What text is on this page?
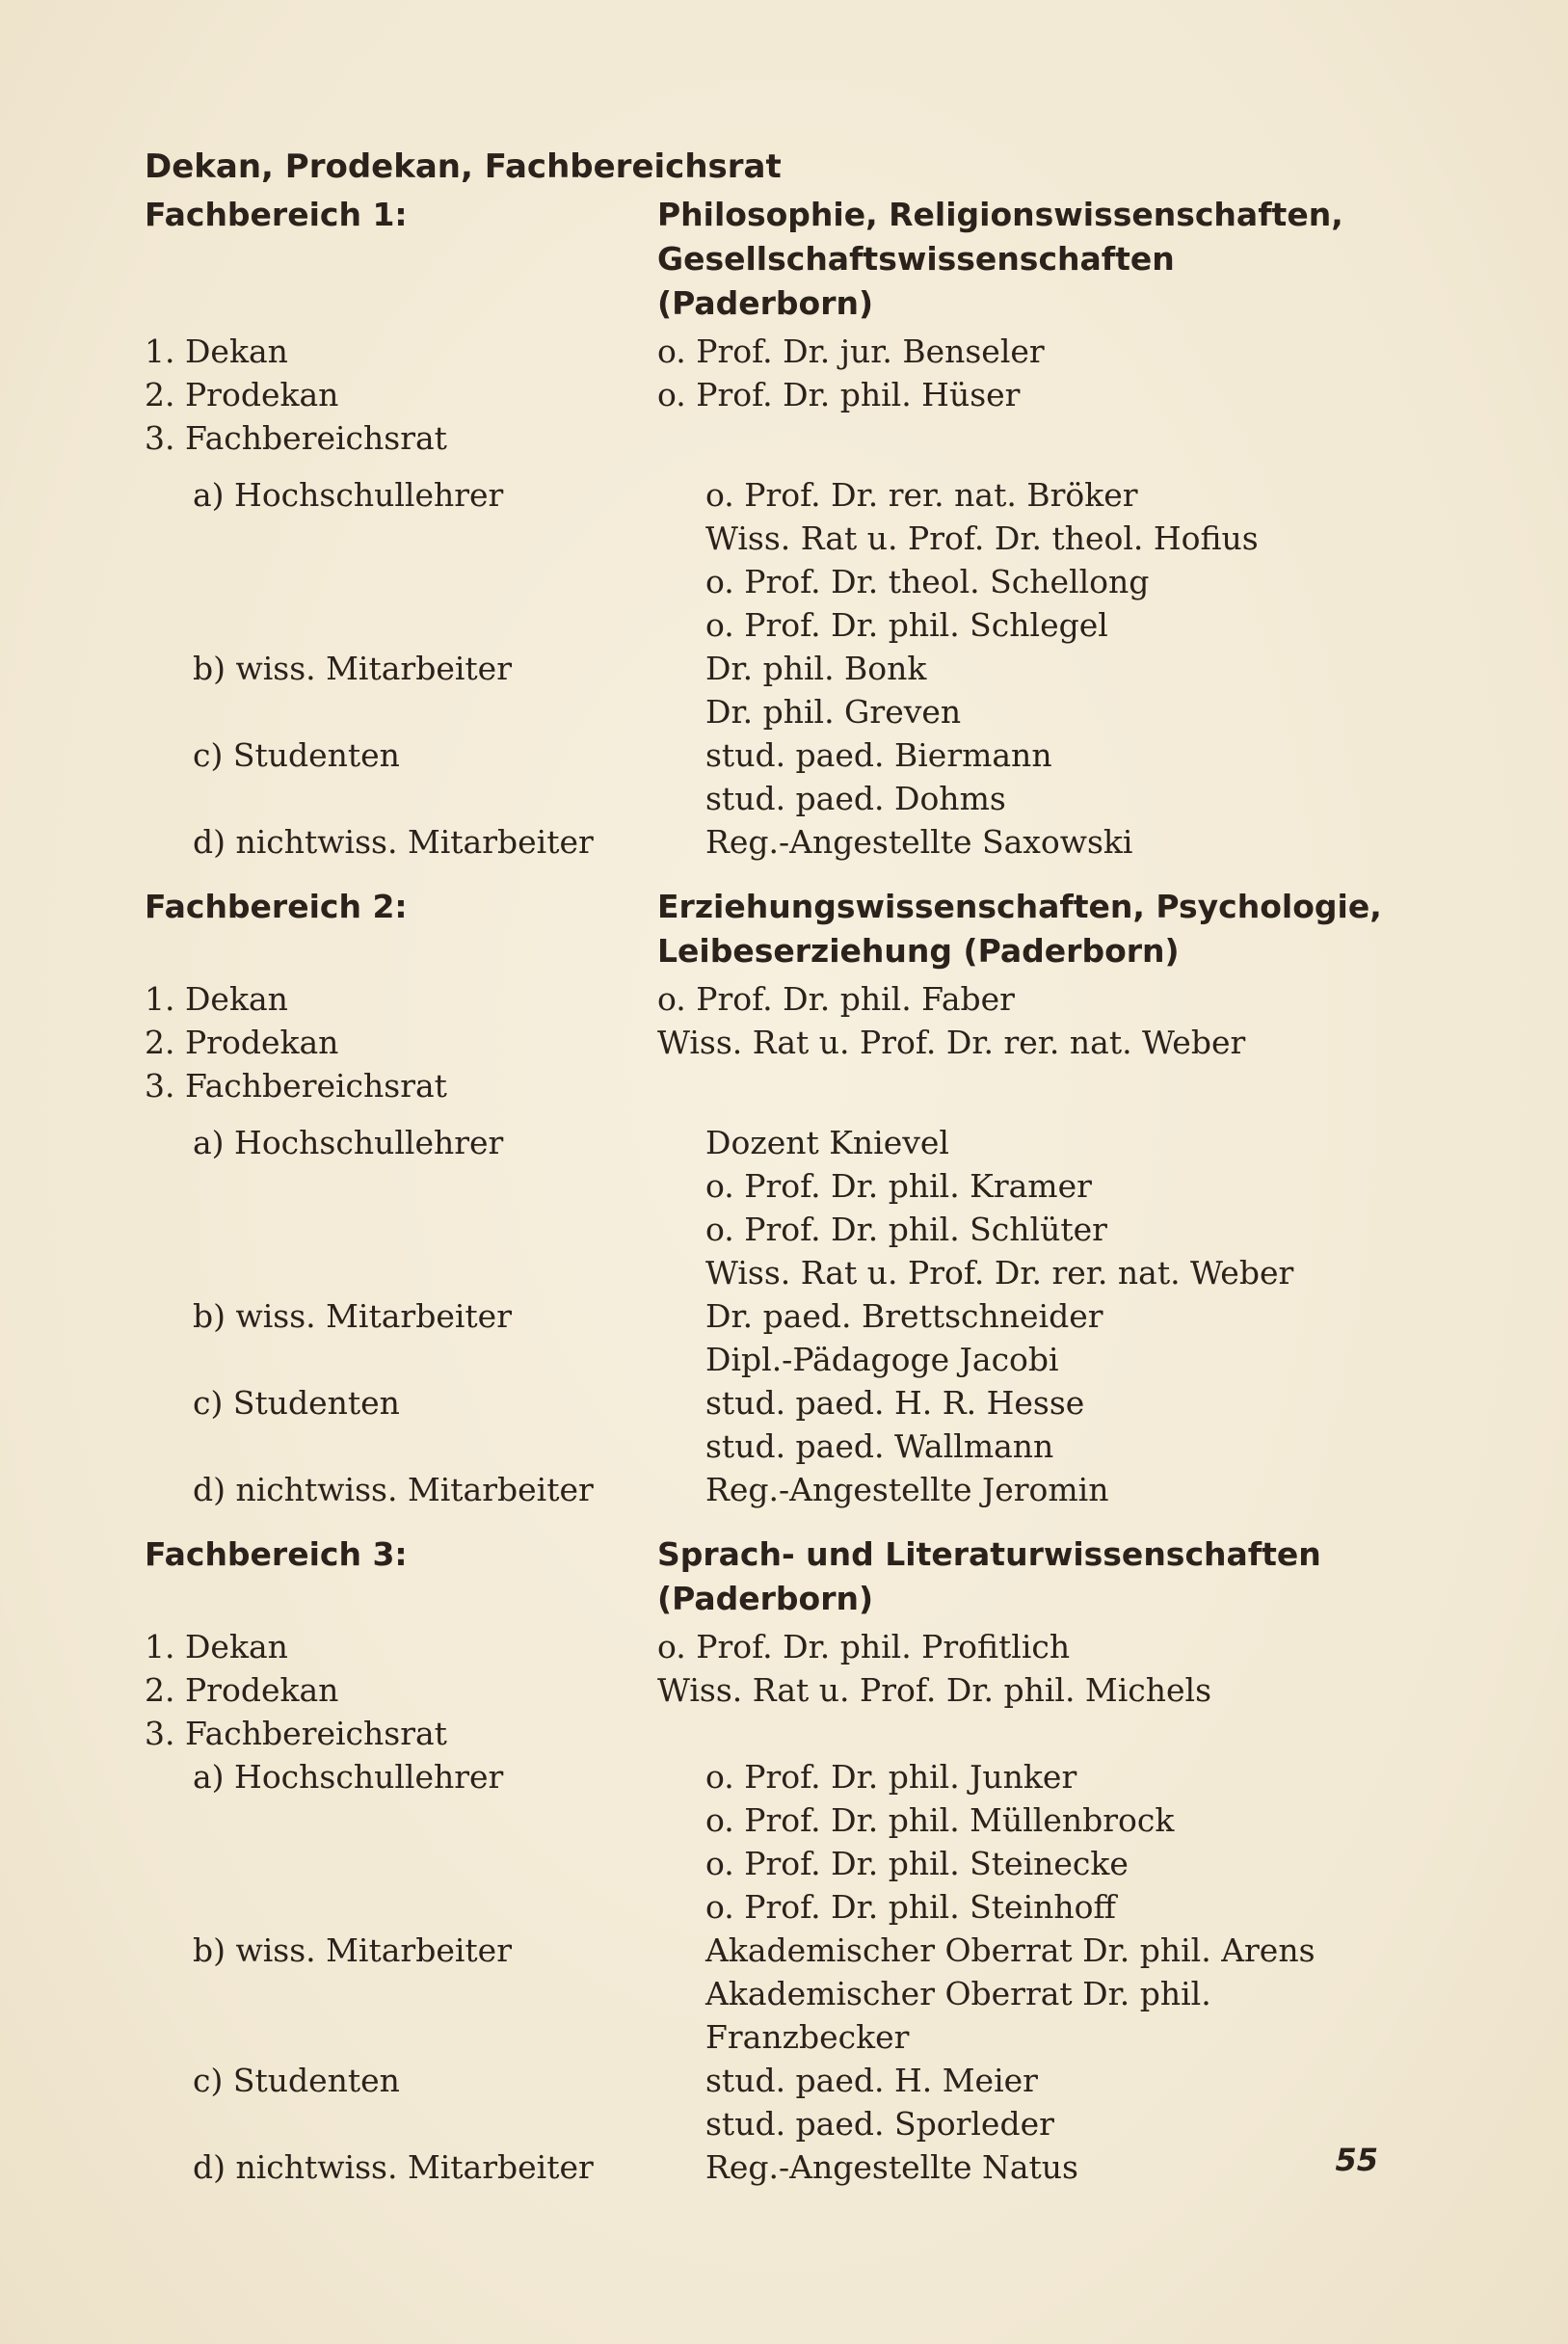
Dekan, Prodekan, Fachbereichsrat
Fachbereich 1:	Philosophie, Religionswissenschaften,
Gesellschaftswissenschaften (Paderborn)
1. Dekan	o. Prof. Dr. jur. Benseler
2. Prodekan	o. Prof. Dr. phil. Hüser
3. Fachbereichsrat
a) Hochschullehrer	o. Prof. Dr. rer. nat. Bröker
Wiss. Rat u. Prof. Dr. theol. Hofius
o. Prof. Dr. theol. Schellong
o. Prof. Dr. phil. Schlegel
b) wiss. Mitarbeiter	Dr. phil. Bonk
Dr. phil. Greven
c) Studenten	stud. paed. Biermann
stud. paed. Dohms
d) nichtwiss. Mitarbeiter	Reg.-Angestellte Saxowski
Fachbereich 2:	Erziehungswissenschaften, Psychologie,
Leibeserziehung (Paderborn)
1. Dekan	o. Prof. Dr. phil. Faber
2. Prodekan	Wiss. Rat u. Prof. Dr. rer. nat. Weber
3. Fachbereichsrat
a) Hochschullehrer	Dozent Knievel
o. Prof. Dr. phil. Kramer
o. Prof. Dr. phil. Schlüter
Wiss. Rat u. Prof. Dr. rer. nat. Weber
b) wiss. Mitarbeiter	Dr. paed. Brettschneider
Dipl.-Pädagoge Jacobi
c) Studenten	stud. paed. H. R. Hesse
stud. paed. Wallmann
d) nichtwiss. Mitarbeiter	Reg.-Angestellte Jeromin
Fachbereich 3:	Sprach- und Literaturwissenschaften
(Paderborn)
1. Dekan	o. Prof. Dr. phil. Profitlich
2. Prodekan	Wiss. Rat u. Prof. Dr. phil. Michels
3. Fachbereichsrat
a) Hochschullehrer	o. Prof. Dr. phil. Junker
o. Prof. Dr. phil. Müllenbrock
o. Prof. Dr. phil. Steinecke
o. Prof. Dr. phil. Steinhoff
b) wiss. Mitarbeiter	Akademischer Oberrat Dr. phil. Arens
Akademischer Oberrat Dr. phil. Franzbecker
c) Studenten	stud. paed. H. Meier
stud. paed. Sporleder
d) nichtwiss. Mitarbeiter	Reg.-Angestellte Natus	55
